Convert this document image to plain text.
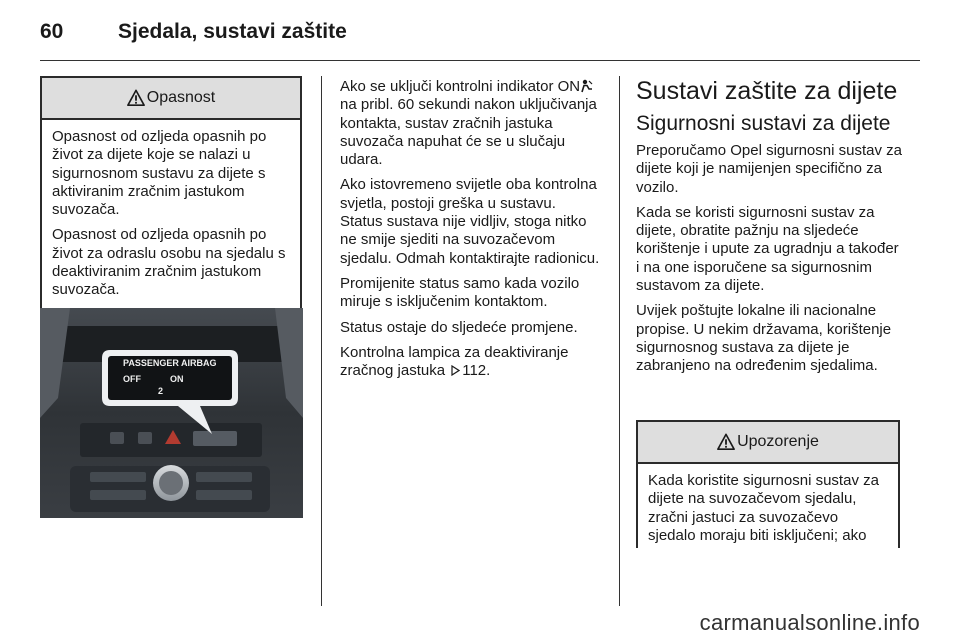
60	Sjedala, sustavi zaštite
Opasnost

Opasnost od ozljeda opasnih po život za dijete koje se nalazi u sigurnosnom sustavu za dijete s aktiviranim zračnim jastukom suvozača.

Opasnost od ozljeda opasnih po život za odraslu osobu na sjedalu s deaktiviranim zračnim jastukom suvozača.

PASSENGER AIRBAG
OFF	ON
2

Ako se uključi kontrolni indikator ON na pribl. 60 sekundi nakon uključivanja kontakta, sustav zračnih jastuka suvozača napuhat će se u slučaju udara.

Ako istovremeno svijetle oba kontrolna svjetla, postoji greška u sustavu. Status sustava nije vidljiv, stoga nitko ne smije sjediti na suvozačevom sjedalu. Odmah kontaktirajte radionicu.

Promijenite status samo kada vozilo miruje s isključenim kontaktom.

Status ostaje do sljedeće promjene.

Kontrolna lampica za deaktiviranje zračnog jastuka 112.

Sustavi zaštite za dijete
Sigurnosni sustavi za dijete

Preporučamo Opel sigurnosni sustav za dijete koji je namijenjen specifično za vozilo.

Kada se koristi sigurnosni sustav za dijete, obratite pažnju na sljedeće korištenje i upute za ugradnju a također i na one isporučene sa sigurnosnim sustavom za dijete.

Uvijek poštujte lokalne ili nacionalne propise. U nekim državama, korištenje sigurnosnog sustava za dijete je zabranjeno na određenim sjedalima.

Upozorenje

Kada koristite sigurnosni sustav za dijete na suvozačevom sjedalu, zračni jastuci za suvozačevo sjedalo moraju biti isključeni; ako

carmanualsonline.info
